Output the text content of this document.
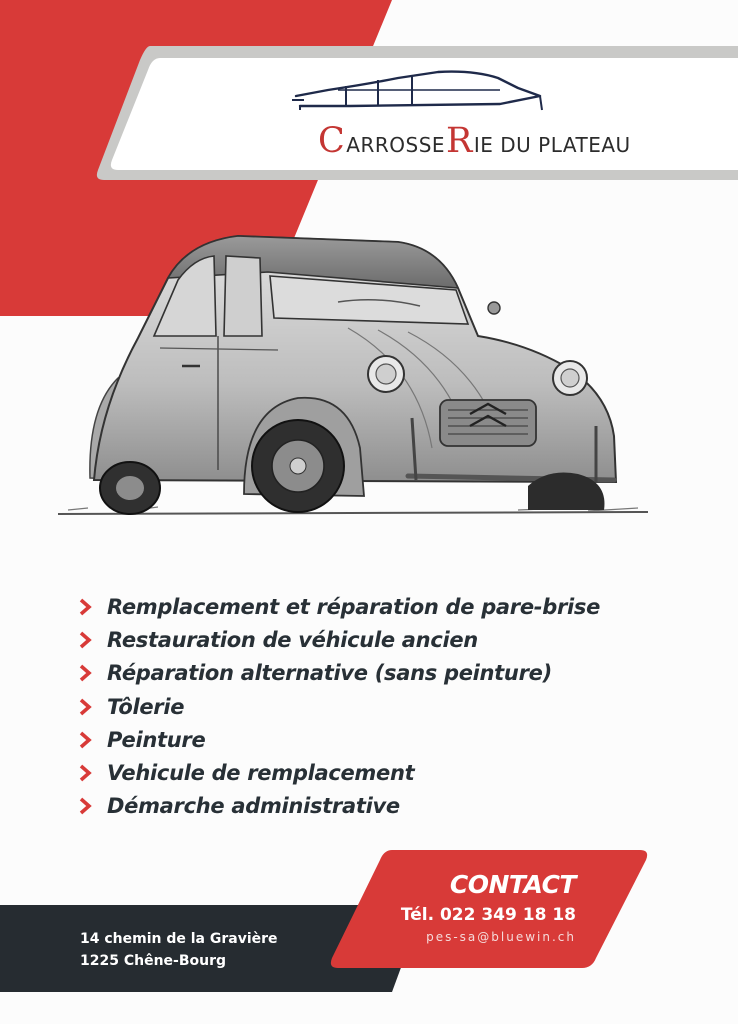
C ARROSSE R IE DU PLATEAU
Remplacement et réparation de pare-brise
Restauration de véhicule ancien
Réparation alternative (sans peinture)
Tôlerie
Peinture
Vehicule de remplacement
Démarche administrative
14 chemin de la Gravière
1225 Chêne-Bourg
CONTACT
Tél. 022 349 18 18
pes-sa@bluewin.ch
